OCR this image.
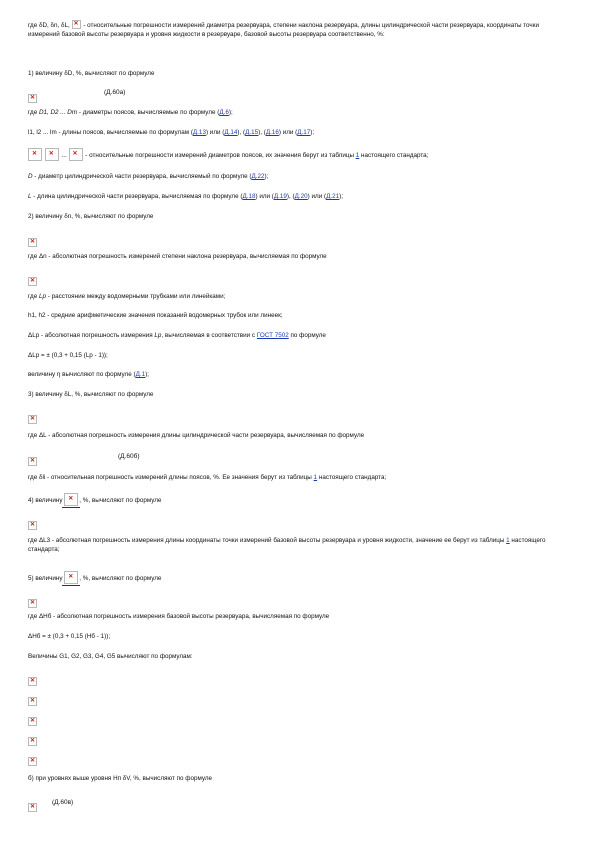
где δD, δn, δL, ✕ - относительные погрешности измерений диаметра резервуара, степени наклона резервуара, длины цилиндрической части резервуара, координаты точки измерений базовой высоты резервуара и уровня жидкости в резервуаре, базовой высоты резервуара соответственно, %:
1) величину δD, %, вычисляют по формуле
✕
(Д.60а)
где D1, D2 ... Dm - диаметры поясов, вычисляемые по формуле (Д.6);
l1, l2 ... lm - длины поясов, вычисляемые по формулам (Д.13) или (Д.14), (Д.15), (Д.16) или (Д.17);
✕ ✕ ... ✕	- относительные погрешности измерений диаметров поясов, их значения берут из таблицы 1 настоящего стандарта;
D - диаметр цилиндрической части резервуара, вычисляемый по формуле (Д.22);
L - длина цилиндрической части резервуара, вычисляемая по формуле (Д.18) или (Д.19), (Д.20) или (Д.21);
2) величину δn, %, вычисляют по формуле
✕
где Δn - абсолютная погрешность измерений степени наклона резервуара, вычисляемая по формуле
✕
где Lp - расстояние между водомерными трубками или линейками;
h1, h2 - средние арифметические значения показаний водомерных трубок или линеек;
ΔLp - абсолютная погрешность измерения Lp, вычисляемая в соответствии с ГОСТ 7502 по формуле
ΔLp = ± (0,3 + 0,15 (Lp - 1));
величину η вычисляют по формуле (Д.1);
3) величину δL, %, вычисляют по формуле
✕
где ΔL - абсолютная погрешность измерения длины цилиндрической части резервуара, вычисляемая по формуле
✕
(Д.60б)
где δli - относительная погрешность измерений длины поясов, %. Ее значения берут из таблицы 1 настоящего стандарта;
4) величину ✕, %, вычисляют по формуле
✕
где ΔL3 - абсолютная погрешность измерения длины координаты точки измерений базовой высоты резервуара и уровня жидкости, значение ее берут из таблицы 1 настоящего стандарта;
5) величину ✕, %, вычисляют по формуле
✕
где ΔHб - абсолютная погрешность измерения базовой высоты резервуара, вычисляемая по формуле
ΔHб = ± (0,3 + 0,15 (Hб - 1));
Величины G1, G2, G3, G4, G5 вычисляют по формулам:
✕
✕
✕
✕
✕
б) при уровнях выше уровня Hп δV, %, вычисляют по формуле
✕
(Д.60в)
